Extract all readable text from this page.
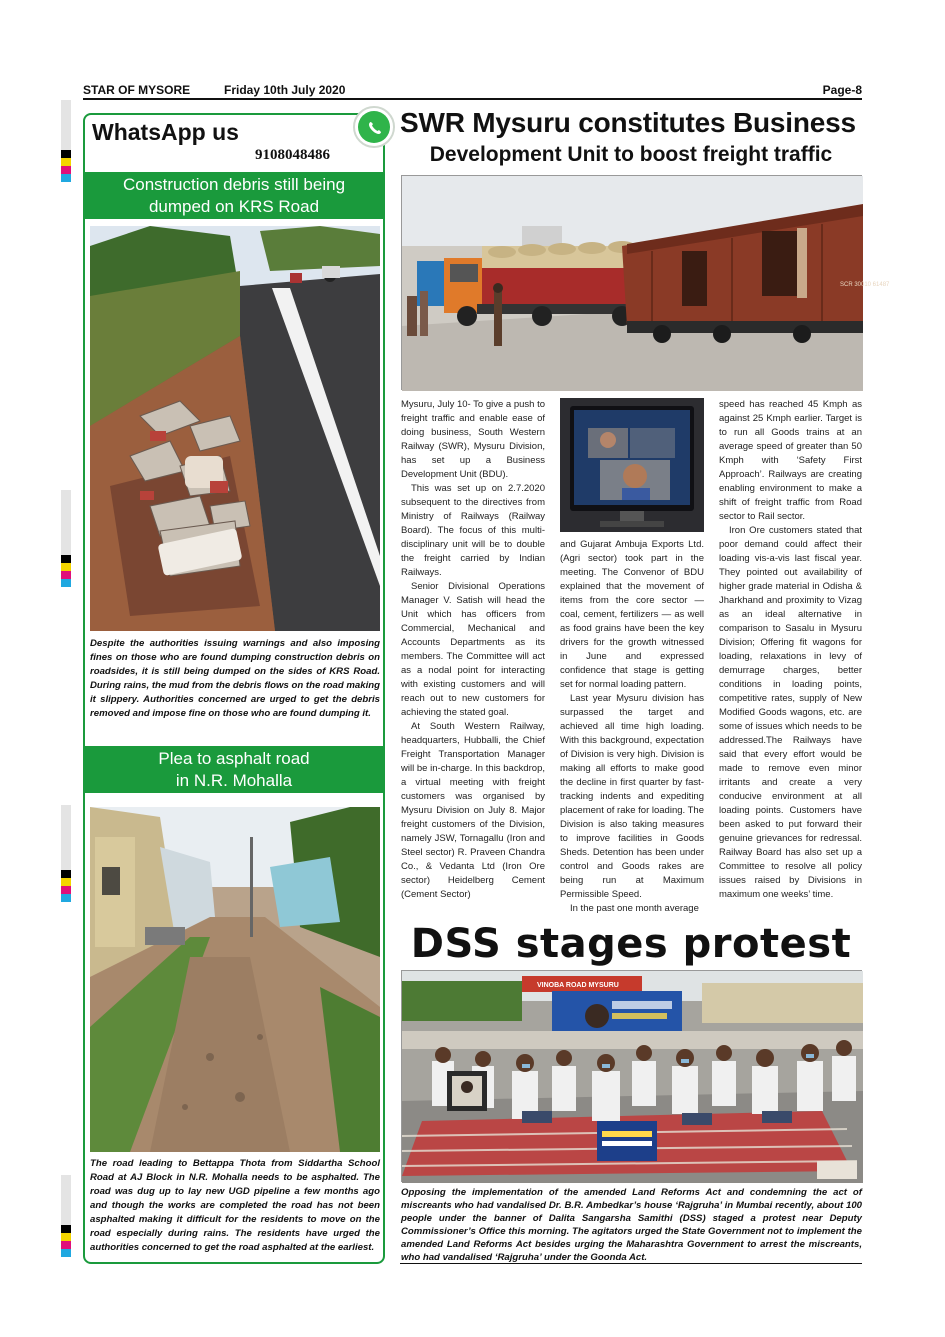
STAR OF MYSORE	Friday 10th July 2020	Page-8
WhatsApp us
9108048486
Construction debris still being
dumped on KRS Road
Despite the authorities issuing warnings and also imposing fines on those who are found dumping construction debris on roadsides, it is still being dumped on the sides of KRS Road. During rains, the mud from the debris flows on the road making it slippery. Authorities concerned are urged to get the debris removed and impose fine on those who are found dumping it.
Plea to asphalt road
in N.R. Mohalla
The road leading to Bettappa Thota from Siddartha School Road at AJ Block in N.R. Mohalla needs to be asphalted. The road was dug up to lay new UGD pipeline a few months ago and though the works are completed the road has not been asphalted making it difficult for the residents to move on the road especially during rains. The residents have urged the authorities concerned to get the road asphalted at the earliest.
SWR Mysuru constitutes Business
Development Unit to boost freight traffic
SCR 30010 61487

Mysuru, July 10- To give a push to freight traffic and enable ease of doing business, South Western Railway (SWR), Mysuru Division, has set up a Business Development Unit (BDU).

This was set up on 2.7.2020 subsequent to the directives from Ministry of Railways (Railway Board). The focus of this multi-disciplinary unit will be to double the freight carried by Indian Railways.

Senior Divisional Operations Manager V. Satish will head the Unit which has officers from Commercial, Mechanical and Accounts Departments as its members. The Committee will act as a nodal point for interacting with existing customers and will reach out to new customers for achieving the stated goal.

At South Western Railway, headquarters, Hubballi, the Chief Freight Transportation Manager will be in-charge. In this backdrop, a virtual meeting with freight customers was organised by Mysuru Division on July 8. Major freight customers of the Division, namely JSW, Tornagallu (Iron and Steel sector) R. Praveen Chandra Co., & Vedanta Ltd (Iron Ore sector) Heidelberg Cement (Cement Sector)

and Gujarat Ambuja Exports Ltd. (Agri sector) took part in the meeting. The Convenor of BDU explained that the movement of items from the core sector — coal, cement, fertilizers — as well as food grains have been the key drivers for the growth witnessed in June and expressed confidence that stage is getting set for normal loading pattern.

Last year Mysuru division has surpassed the target and achieved all time high loading. With this background, expectation of Division is very high. Division is making all efforts to make good the decline in first quarter by fast-tracking indents and expediting placement of rake for loading. The Division is also taking measures to improve facilities in Goods Sheds. Detention has been under control and Goods rakes are being run at Maximum Permissible Speed.

In the past one month average

speed has reached 45 Kmph as against 25 Kmph earlier. Target is to run all Goods trains at an average speed of greater than 50 Kmph with ‘Safety First Approach’. Railways are creating enabling environment to make a shift of freight traffic from Road sector to Rail sector.

Iron Ore customers stated that poor demand could affect their loading vis-a-vis last fiscal year. They pointed out availability of higher grade material in Odisha & Jharkhand and proximity to Vizag as an ideal alternative in comparison to Sasalu in Mysuru Division; Offering fit wagons for loading, relaxations in levy of demurrage charges, better conditions in loading points, competitive rates, supply of New Modified Goods wagons, etc. are some of issues which needs to be addressed.The Railways have said that every effort would be made to remove even minor irritants and create a very conducive environment at all loading points. Customers have been asked to put forward their genuine grievances for redressal. Railway Board has also set up a Committee to resolve all policy issues raised by Divisions in maximum one weeks’ time.

DSS stages protest
VINOBA ROAD MYSURU
Opposing the implementation of the amended Land Reforms Act and condemning the act of miscreants who had vandalised Dr. B.R. Ambedkar’s house ‘Rajgruha’ in Mumbai recently, about 100 people under the banner of Dalita Sangarsha Samithi (DSS) staged a protest near Deputy Commissioner’s Office this morning. The agitators urged the State Government not to implement the amended Land Reforms Act besides urging the Maharashtra Government to arrest the miscreants, who had vandalised ‘Rajgruha’ under the Goonda Act.
